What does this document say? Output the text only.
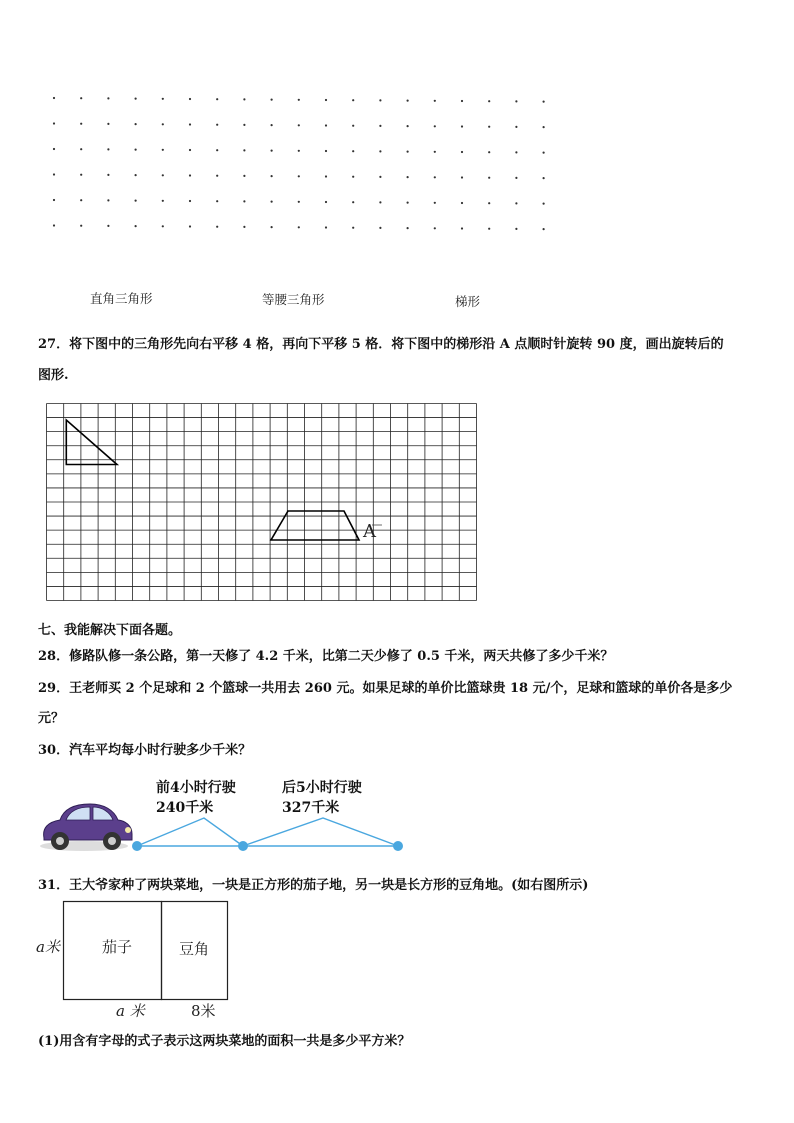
直角三角形	等腰三角形	梯形
27．将下图中的三角形先向右平移 4 格，再向下平移 5 格．将下图中的梯形沿 A 点顺时针旋转 90 度，画出旋转后的
图形.
A
七、我能解决下面各题。
28．修路队修一条公路，第一天修了 4.2 千米，比第二天少修了 0.5 千米，两天共修了多少千米？
29．王老师买 2 个足球和 2 个篮球一共用去 260 元。如果足球的单价比篮球贵 18 元/个，足球和篮球的单价各是多少
元？
30．汽车平均每小时行驶多少千米？
前4小时行驶
240千米
后5小时行驶
327千米
31．王大爷家种了两块菜地，一块是正方形的茄子地，另一块是长方形的豆角地。(如右图所示)
茄子	豆角
a米
a 米	8米
(1)用含有字母的式子表示这两块菜地的面积一共是多少平方米？
